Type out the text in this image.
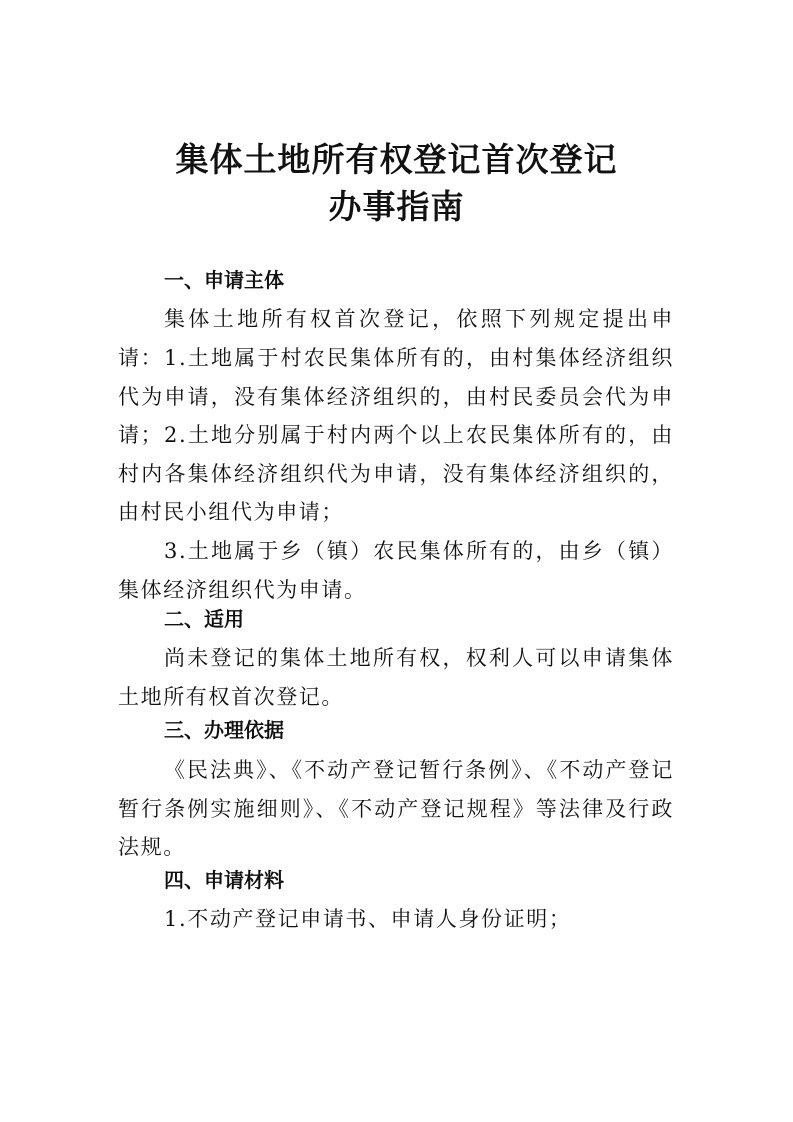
集体土地所有权登记首次登记
办事指南
一、申请主体

集体土地所有权首次登记，依照下列规定提出申请： 1.土地属于村农民集体所有的，由村集体经济组织代为申请，没有集体经济组织的，由村民委员会代为申请； 2.土地分别属于村内两个以上农民集体所有的，由村内各集体经济组织代为申请，没有集体经济组织的，由村民小组代为申请；

3.土地属于乡（镇）农民集体所有的，由乡（镇）集体经济组织代为申请。

二、适用

尚未登记的集体土地所有权，权利人可以申请集体土地所有权首次登记。

三、办理依据

《民法典》、《不动产登记暂行条例》、《不动产登记暂行条例实施细则》、《不动产登记规程》等法律及行政法规。

四、申请材料

1.不动产登记申请书、申请人身份证明；
